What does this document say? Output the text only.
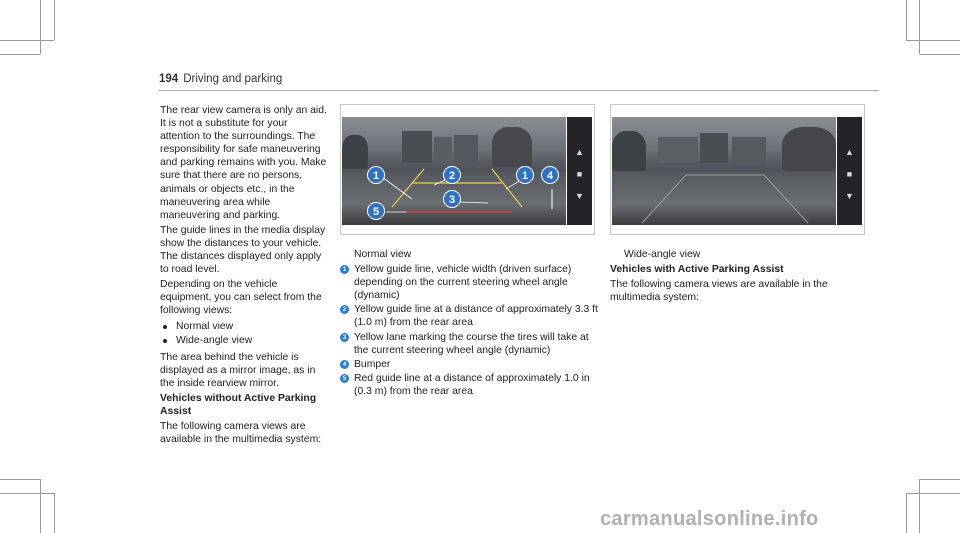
194 Driving and parking

The rear view camera is only an aid. It is not a substitute for your attention to the surroundings. The responsibility for safe maneuvering and parking remains with you. Make sure that there are no persons, animals or objects etc., in the maneuvering area while maneuvering and parking.

The guide lines in the media display show the distances to your vehicle. The distances displayed only apply to road level.

Depending on the vehicle equipment, you can select from the following views:

Normal view
Wide-angle view

The area behind the vehicle is displayed as a mirror image, as in the inside rearview mirror.

Vehicles without Active Parking Assist

The following camera views are available in the multimedia system:

1	2	1	4
3
5
▲
■
▼
▲
■
▼

Normal view

1 Yellow guide line, vehicle width (driven surface) depending on the current steering wheel angle (dynamic)
2 Yellow guide line at a distance of approximately 3.3 ft (1.0 m) from the rear area
3 Yellow lane marking the course the tires will take at the current steering wheel angle (dynamic)
4 Bumper
5 Red guide line at a distance of approximately 1.0 in (0.3 m) from the rear area

Wide-angle view

Vehicles with Active Parking Assist

The following camera views are available in the multimedia system:

carmanualsonline.info
